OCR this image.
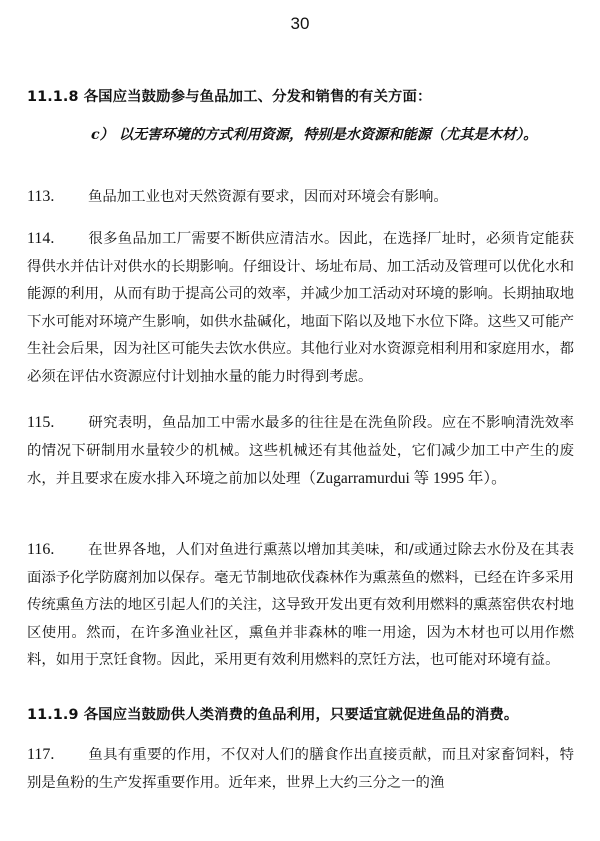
30
11.1.8 各国应当鼓励参与鱼品加工、分发和销售的有关方面：
c） 以无害环境的方式利用资源，特别是水资源和能源（尤其是木材）。
113. 鱼品加工业也对天然资源有要求，因而对环境会有影响。
114. 很多鱼品加工厂需要不断供应清洁水。因此，在选择厂址时，必须肯定能获得供水并估计对供水的长期影响。仔细设计、场址布局、加工活动及管理可以优化水和能源的利用，从而有助于提高公司的效率，并减少加工活动对环境的影响。长期抽取地下水可能对环境产生影响，如供水盐碱化，地面下陷以及地下水位下降。这些又可能产生社会后果，因为社区可能失去饮水供应。其他行业对水资源竞相利用和家庭用水，都必须在评估水资源应付计划抽水量的能力时得到考虑。
115. 研究表明，鱼品加工中需水最多的往往是在洗鱼阶段。应在不影响清洗效率的情况下研制用水量较少的机械。这些机械还有其他益处，它们减少加工中产生的废水，并且要求在废水排入环境之前加以处理（Zugarramurdui 等 1995 年）。
116. 在世界各地，人们对鱼进行熏蒸以增加其美味，和/或通过除去水份及在其表面添予化学防腐剂加以保存。毫无节制地砍伐森林作为熏蒸鱼的燃料，已经在许多采用传统熏鱼方法的地区引起人们的关注，这导致开发出更有效利用燃料的熏蒸窑供农村地区使用。然而，在许多渔业社区，熏鱼并非森林的唯一用途，因为木材也可以用作燃料，如用于烹饪食物。因此，采用更有效利用燃料的烹饪方法，也可能对环境有益。
11.1.9 各国应当鼓励供人类消费的鱼品利用，只要适宜就促进鱼品的消费。
117. 鱼具有重要的作用，不仅对人们的膳食作出直接贡献，而且对家畜饲料，特别是鱼粉的生产发挥重要作用。近年来，世界上大约三分之一的渔
